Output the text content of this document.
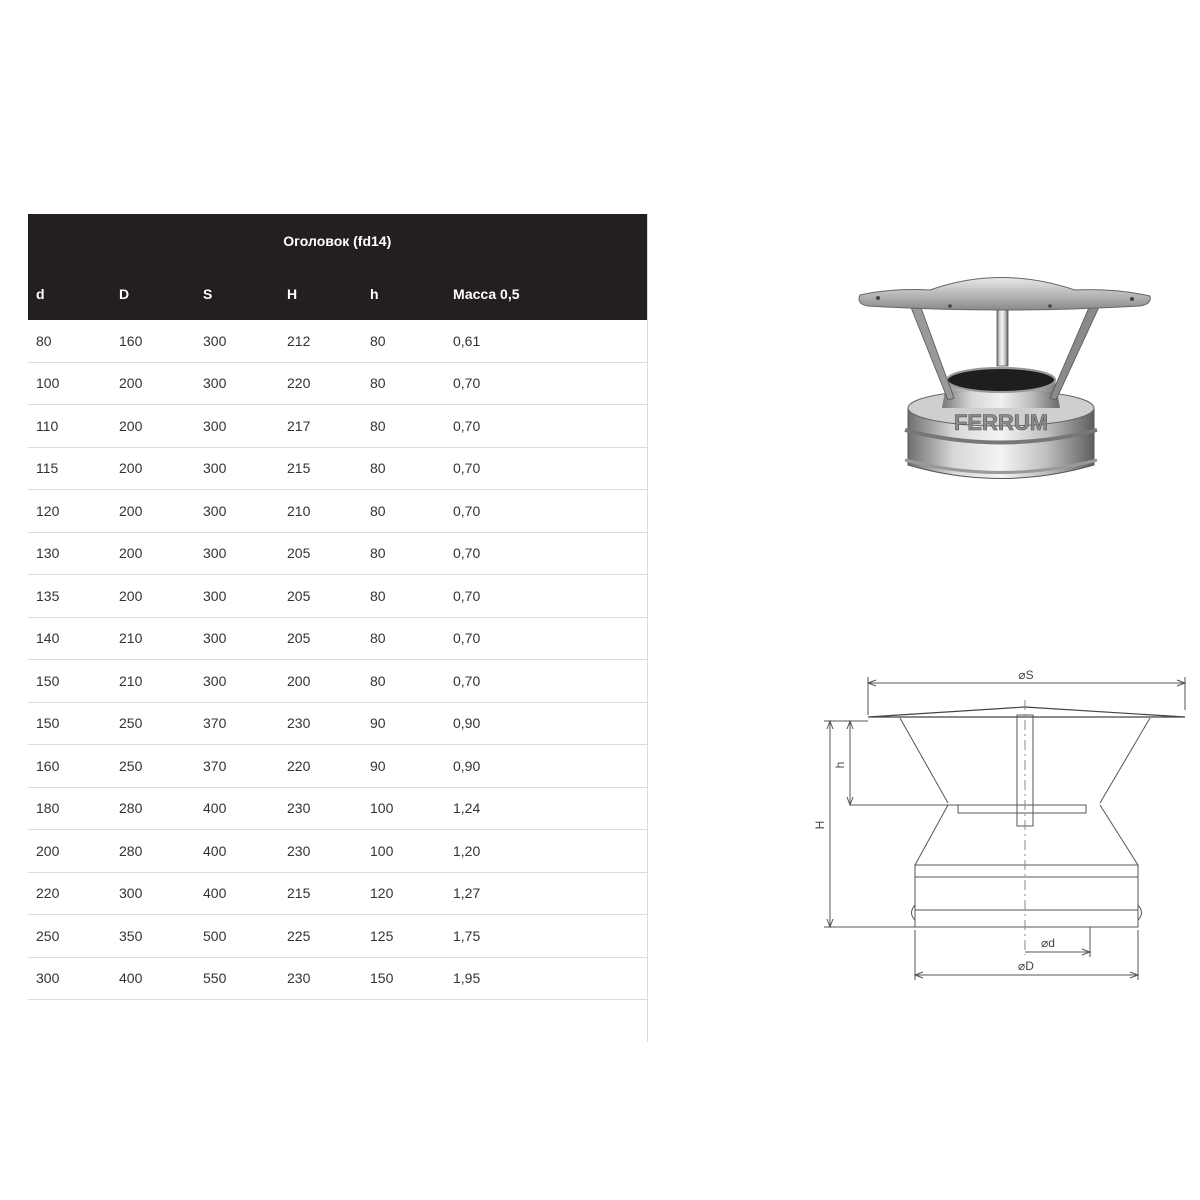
Оголовок (fd14)					
d	D	S	H	h	Масса 0,5
80	160	300	212	80	0,61
100	200	300	220	80	0,70
110	200	300	217	80	0,70
115	200	300	215	80	0,70
120	200	300	210	80	0,70
130	200	300	205	80	0,70
135	200	300	205	80	0,70
140	210	300	205	80	0,70
150	210	300	200	80	0,70
150	250	370	230	90	0,90
160	250	370	220	90	0,90
180	280	400	230	100	1,24
200	280	400	230	100	1,20
220	300	400	215	120	1,27
250	350	500	225	125	1,75
300	400	550	230	150	1,95

FERRUM
⌀S
h
H
⌀d
⌀D
